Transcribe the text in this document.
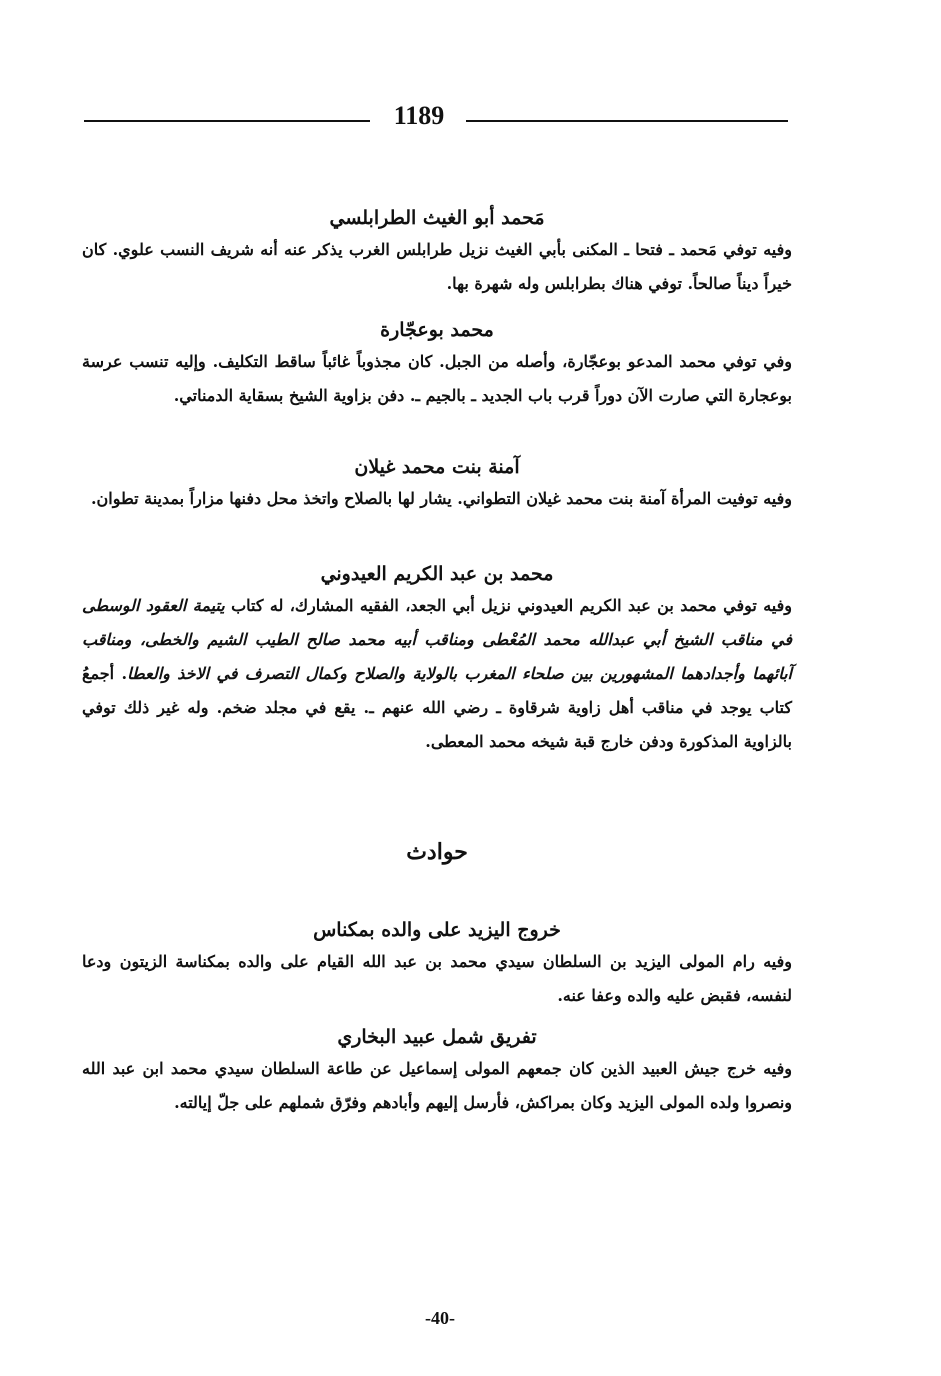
1189
مَحمد أبو الغيث الطرابلسي

وفيه توفي مَحمد ـ فتحا ـ المكنى بأبي الغيث نزيل طرابلس الغرب يذكر عنه أنه شريف النسب علوي. كان خيراً ديناً صالحاً. توفي هناك بطرابلس وله شهرة بها.

محمد بوعجّارة

وفي توفي محمد المدعو بوعجّارة، وأصله من الجبل. كان مجذوباً غائباً ساقط التكليف. وإليه تنسب عرسة بوعجارة التي صارت الآن دوراً قرب باب الجديد ـ بالجيم ـ. دفن بزاوية الشيخ بسقاية الدمناتي.

آمنة بنت محمد غيلان

وفيه توفيت المرأة آمنة بنت محمد غيلان التطواني. يشار لها بالصلاح واتخذ محل دفنها مزاراً بمدينة تطوان.

محمد بن عبد الكريم العيدوني

وفيه توفي محمد بن عبد الكريم العيدوني نزيل أبي الجعد، الفقيه المشارك، له كتاب يتيمة العقود الوسطى في مناقب الشيخ أبي عبدالله محمد المُعْطى ومناقب أبيه محمد صالح الطيب الشيم والخطى، ومناقب آبائهما وأجدادهما المشهورين بين صلحاء المغرب بالولاية والصلاح وكمال التصرف في الاخذ والعطا. أجمعُ كتاب يوجد في مناقب أهل زاوية شرقاوة ـ رضي الله عنهم ـ. يقع في مجلد ضخم. وله غير ذلك توفي بالزاوية المذكورة ودفن خارج قبة شيخه محمد المعطى.

حوادث
خروج اليزيد على والده بمكناس

وفيه رام المولى اليزيد بن السلطان سيدي محمد بن عبد الله القيام على والده بمكناسة الزيتون ودعا لنفسه، فقبض عليه والده وعفا عنه.

تفريق شمل عبيد البخاري

وفيه خرج جيش العبيد الذين كان جمعهم المولى إسماعيل عن طاعة السلطان سيدي محمد ابن عبد الله ونصروا ولده المولى اليزيد وكان بمراكش، فأرسل إليهم وأبادهم وفرّق شملهم على جلّ إيالته.

-40-
